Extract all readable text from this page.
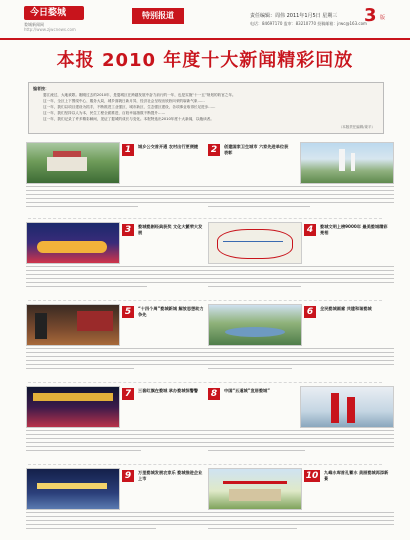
今日婺城
婺城新闻网
http://www.zjwcnews.com
特别报道	责任编辑：周伟 2011年1月5日 星期三
电话：84697170 监审：83210770 投稿邮箱：jrwc@163.com
3 版
本报 2010 年度十大新闻精彩回放
编者按：
婺江流过，大地欢歌。刚刚过去的2010年，是婺城区在跨越发展中奋力前行的一年，也是实施“十一五”规划的收官之年。
这一年，全区上下围绕中心、服务大局，城乡面貌日新月异，经济社会呈现出欣欣向荣的崭新气象……
这一年，我们以项目建设为抓手，不断推进工业强区、城市新区、生态强区建设，各项事业取得长足进步……
这一年，我们坚持以人为本，民生工程全面推进，百姓幸福指数不断提升……
这一年，我们记录了许多精彩瞬间，见证了婺城的成长与变化。本报特选出2010年度十大新闻，以飨读者。
（本版责任编辑/姜平）
1	城乡公交首开通 农村出行更便捷	2	创建国家卫生城市 六家先进单位获表彰
3	婺城婺剧经典获奖 文化大繁荣大发展	4	婺城文明上榜9000年 最美婺城精彩亮相
5	“十四个周”婺城新城 解放思想助力争先	6	全民婺城画廊 共建和谐婺城
7	三套红旗在婺城 承办婺城惊警警	8	中国“五道城”宣居婺城”
9	万里婺城发展农家乐 婺城推进企业上市	10	九峰水库首孔蓄水 美丽婺城再添新景
